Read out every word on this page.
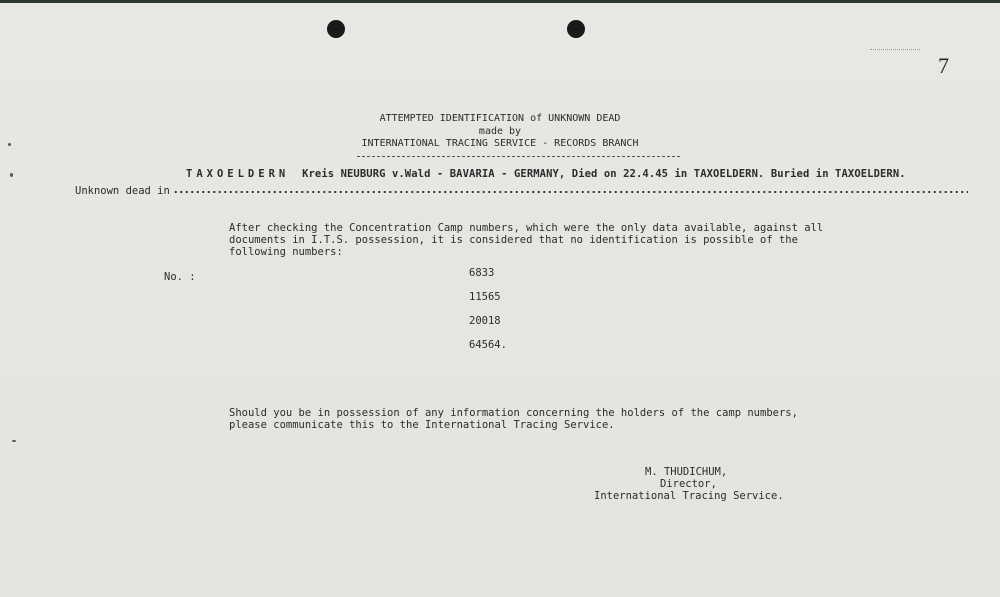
7
ATTEMPTED IDENTIFICATION of UNKNOWN DEAD
made by
INTERNATIONAL TRACING SERVICE - RECORDS BRANCH
TAXOELDERN Kreis NEUBURG v.Wald - BAVARIA - GERMANY, Died on 22.4.45 in TAXOELDERN. Buried in TAXOELDERN.
Unknown dead in
After checking the Concentration Camp numbers, which were the only data available, against all
documents in I.T.S. possession, it is considered that no identification is possible of the
following numbers:
No. :	6833
11565
20018
64564.
Should you be in possession of any information concerning the holders of the camp numbers,
please communicate this to the International Tracing Service.
M. THUDICHUM,
Director,
International Tracing Service.
